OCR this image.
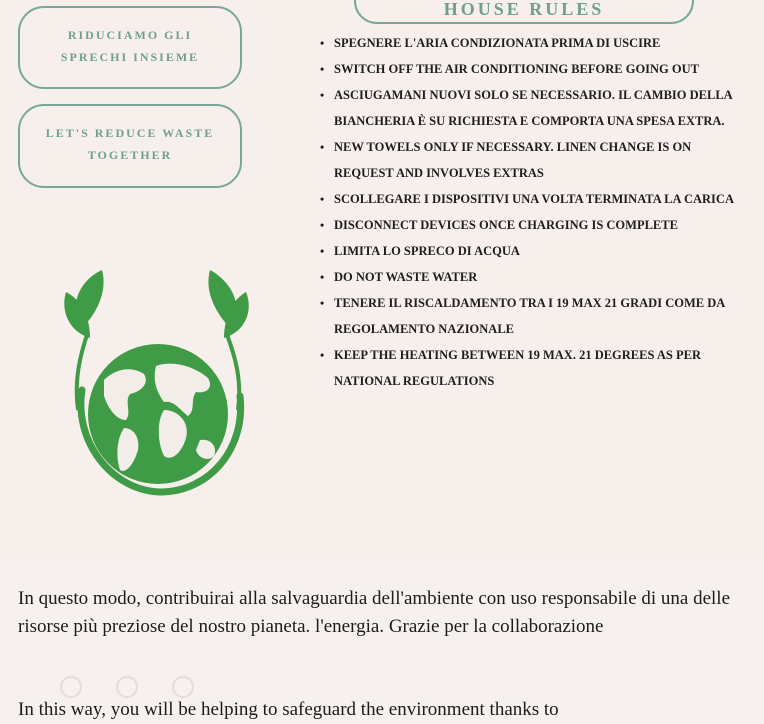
RIDUCIAMO GLI
SPRECHI INSIEME
LET'S REDUCE WASTE
TOGETHER
HOUSE RULES
• SPEGNERE L'ARIA CONDIZIONATA PRIMA DI USCIRE
• SWITCH OFF THE AIR CONDITIONING BEFORE GOING OUT
• ASCIUGAMANI NUOVI SOLO SE NECESSARIO. IL CAMBIO DELLA BIANCHERIA È SU RICHIESTA E COMPORTA UNA SPESA EXTRA.
• NEW TOWELS ONLY IF NECESSARY. LINEN CHANGE IS ON REQUEST AND INVOLVES EXTRAS
• SCOLLEGARE I DISPOSITIVI UNA VOLTA TERMINATA LA CARICA
• DISCONNECT DEVICES ONCE CHARGING IS COMPLETE
• LIMITA LO SPRECO DI ACQUA
• DO NOT WASTE WATER
• TENERE IL RISCALDAMENTO TRA I 19 MAX 21 GRADI COME DA REGOLAMENTO NAZIONALE
• KEEP THE HEATING BETWEEN 19 MAX. 21 DEGREES AS PER NATIONAL REGULATIONS
In questo modo, contribuirai alla salvaguardia dell'ambiente con uso responsabile di una delle risorse più preziose del nostro pianeta. l'energia. Grazie per la collaborazione
In this way, you will be helping to safeguard the environment thanks to
